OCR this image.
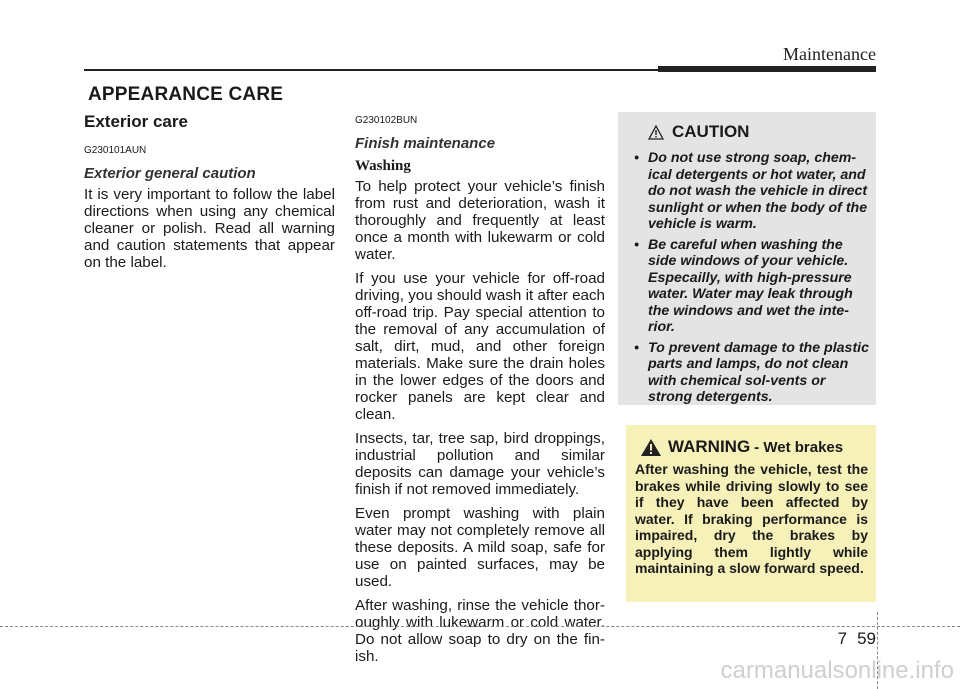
Maintenance
APPEARANCE CARE
Exterior care
G230101AUN
Exterior general caution

It is very important to follow the label directions when using any chemical cleaner or polish. Read all warning and caution statements that appear on the label.

G230102BUN
Finish maintenance
Washing

To help protect your vehicle’s finish from rust and deterioration, wash it thoroughly and frequently at least once a month with lukewarm or cold water.

If you use your vehicle for off-road driving, you should wash it after each off-road trip. Pay special attention to the removal of any accumulation of salt, dirt, mud, and other foreign materials. Make sure the drain holes in the lower edges of the doors and rocker panels are kept clear and clean.

Insects, tar, tree sap, bird droppings, industrial pollution and similar deposits can damage your vehicle’s finish if not removed immediately.

Even prompt washing with plain water may not completely remove all these deposits. A mild soap, safe for use on painted surfaces, may be used.

After washing, rinse the vehicle thor-oughly with lukewarm or cold water. Do not allow soap to dry on the fin-ish.

CAUTION
• Do not use strong soap, chem-ical detergents or hot water, and do not wash the vehicle in direct sunlight or when the body of the vehicle is warm.
• Be careful when washing the side windows of your vehicle. Especailly, with high-pressure water. Water may leak through the windows and wet the inte-rior.
• To prevent damage to the plastic parts and lamps, do not clean with chemical sol-vents or strong detergents.
WARNING - Wet brakes
After washing the vehicle, test the brakes while driving slowly to see if they have been affected by water. If braking performance is impaired, dry the brakes by applying them lightly while maintaining a slow forward speed.
7 59
carmanualsonline.info
